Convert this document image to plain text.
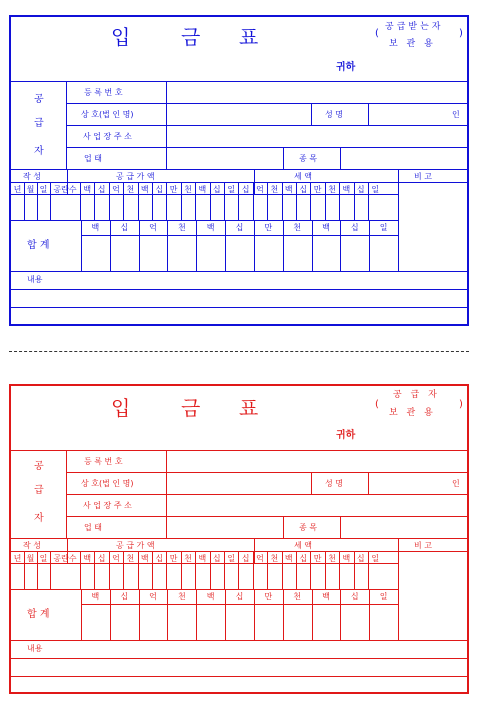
입	금 표	(
공급받는자
보 관 용
)
귀하
공
급
자
등 록 번 호
상 호(법 인 명)	성 명	인
사 업 장 주 소
업 태	종 목
작 성	공 급 가 액	세 액	비 고
년 월 일 공란수 백 십 억 천 백 십 만 천 백 십 일 십 억 천 백 십 만 천 백 십 일
합 계
백	십	억	천	백	십	만	천	백	십	일
내용
입	금 표	(
공 급 자
보 관 용
)
귀하
공
급
자
등 록 번 호
상 호(법 인 명)	성 명	인
사 업 장 주 소
업 태	종 목
작 성	공 급 가 액	세 액	비 고
년 월 일 공란수 백 십 억 천 백 십 만 천 백 십 일 십 억 천 백 십 만 천 백 십 일
합 계
백	십	억	천	백	십	만	천	백	십	일
내용
